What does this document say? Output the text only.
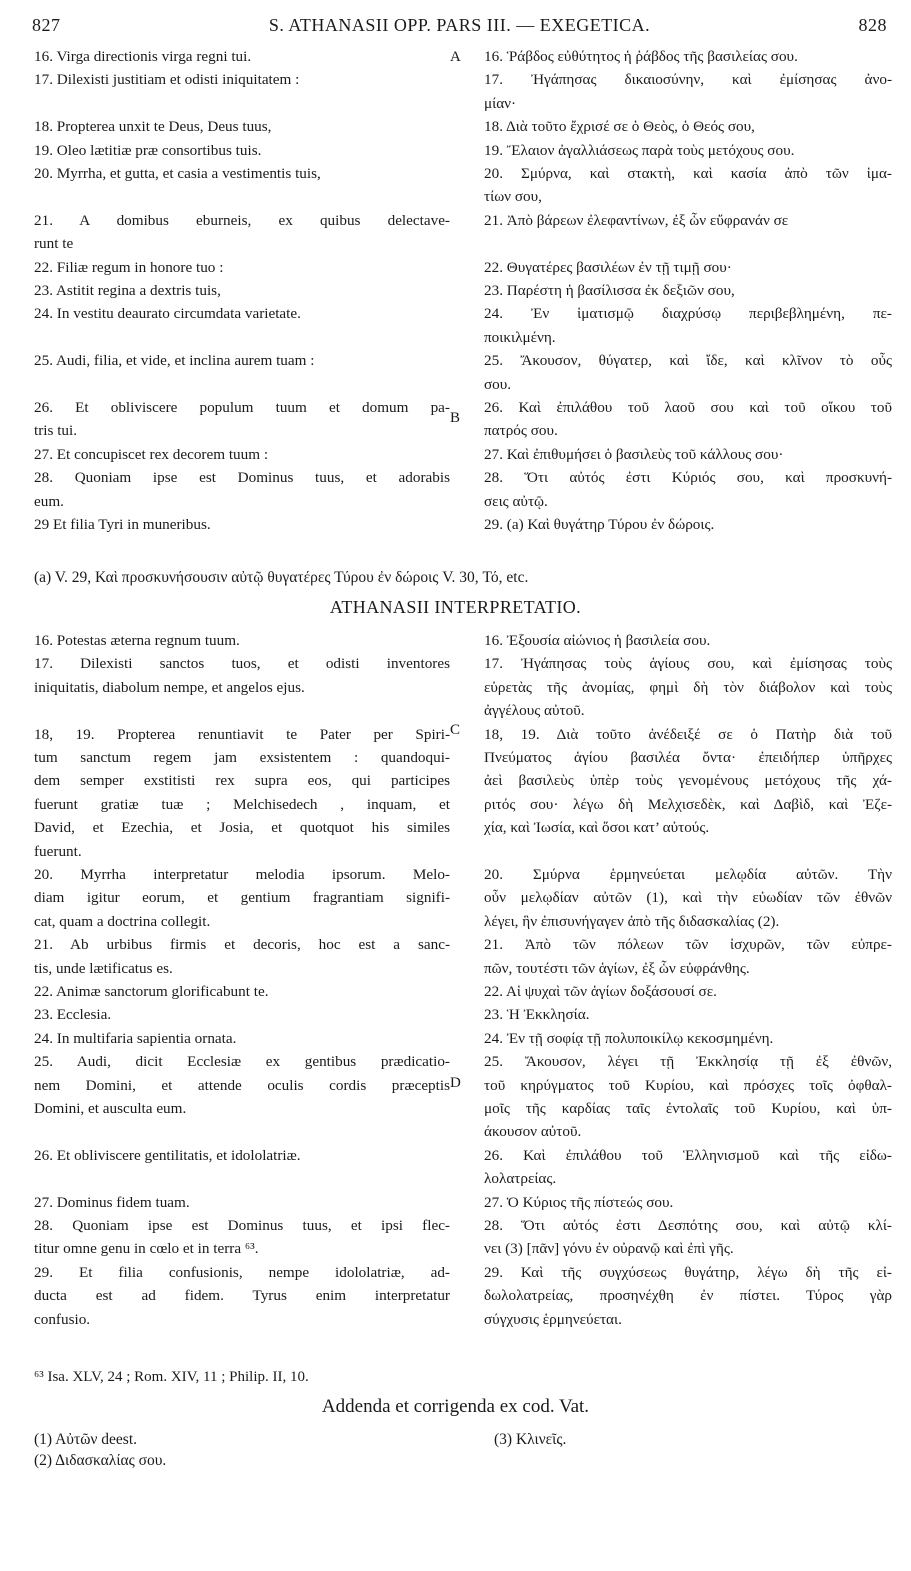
827	S. ATHANASII OPP. PARS III. — EXEGETICA.	828
A
B
C
D
16. Virga directionis virga regni tui.
17. Dilexisti justitiam et odisti iniquitatem :

18. Propterea unxit te Deus, Deus tuus,
19. Oleo lætitiæ præ consortibus tuis.
20. Myrrha, et gutta, et casia a vestimentis tuis,

21. A domibus eburneis, ex quibus delectave-
runt te
22. Filiæ regum in honore tuo :
23. Astitit regina a dextris tuis,
24. In vestitu deaurato circumdata varietate.

25. Audi, filia, et vide, et inclina aurem tuam :

26. Et obliviscere populum tuum et domum pa-
tris tui.
27. Et concupiscet rex decorem tuum :
28. Quoniam ipse est Dominus tuus, et adorabis
eum.
29 Et filia Tyri in muneribus.
16. Ῥάβδος εὐθύτητος ἡ ῥάβδος τῆς βασιλείας σου.
17. Ἠγάπησας δικαιοσύνην, καὶ ἐμίσησας ἀνο-
μίαν·
18. Διὰ τοῦτο ἔχρισέ σε ὁ Θεὸς, ὁ Θεός σου,
19. Ἔλαιον ἀγαλλιάσεως παρὰ τοὺς μετόχους σου.
20. Σμύρνα, καὶ στακτὴ, καὶ κασία ἀπὸ τῶν ἱμα-
τίων σου,
21. Ἀπὸ βάρεων ἐλεφαντίνων, ἐξ ὧν εὔφρανάν σε

22. Θυγατέρες βασιλέων ἐν τῇ τιμῇ σου·
23. Παρέστη ἡ βασίλισσα ἐκ δεξιῶν σου,
24. Ἐν ἱματισμῷ διαχρύσῳ περιβεβλημένη, πε-
ποικιλμένη.
25. Ἄκουσον, θύγατερ, καὶ ἴδε, καὶ κλῖνον τὸ οὖς
σου.
26. Καὶ ἐπιλάθου τοῦ λαοῦ σου καὶ τοῦ οἴκου τοῦ
πατρός σου.
27. Καὶ ἐπιθυμήσει ὁ βασιλεὺς τοῦ κάλλους σου·
28. Ὅτι αὐτός ἐστι Κύριός σου, καὶ προσκυνή-
σεις αὐτῷ.
29. (a) Καὶ θυγάτηρ Τύρου ἐν δώροις.
(a) V. 29, Καὶ προσκυνήσουσιν αὐτῷ θυγατέρες Τύρου ἐν δώροις V. 30, Τό, etc.
ATHANASII INTERPRETATIO.
16. Potestas æterna regnum tuum.
17. Dilexisti sanctos tuos, et odisti inventores
iniquitatis, diabolum nempe, et angelos ejus.

18, 19. Propterea renuntiavit te Pater per Spiri-
tum sanctum regem jam exsistentem : quandoqui-
dem semper exstitisti rex supra eos, qui participes
fuerunt gratiæ tuæ ; Melchisedech , inquam, et
David, et Ezechia, et Josia, et quotquot his similes
fuerunt.
20. Myrrha interpretatur melodia ipsorum. Melo-
diam igitur eorum, et gentium fragrantiam signifi-
cat, quam a doctrina collegit.
21. Ab urbibus firmis et decoris, hoc est a sanc-
tis, unde lætificatus es.
22. Animæ sanctorum glorificabunt te.
23. Ecclesia.
24. In multifaria sapientia ornata.
25. Audi, dicit Ecclesiæ ex gentibus prædicatio-
nem Domini, et attende oculis cordis præceptis
Domini, et ausculta eum.

26. Et obliviscere gentilitatis, et idololatriæ.

27. Dominus fidem tuam.
28. Quoniam ipse est Dominus tuus, et ipsi flec-
titur omne genu in cœlo et in terra ⁶³.
29. Et filia confusionis, nempe idololatriæ, ad-
ducta est ad fidem. Tyrus enim interpretatur
confusio.
16. Ἐξουσία αἰώνιος ἡ βασιλεία σου.
17. Ἠγάπησας τοὺς ἁγίους σου, καὶ ἐμίσησας τοὺς
εὑρετὰς τῆς ἀνομίας, φημὶ δὴ τὸν διάβολον καὶ τοὺς
ἀγγέλους αὐτοῦ.
18, 19. Διὰ τοῦτο ἀνέδειξέ σε ὁ Πατὴρ διὰ τοῦ
Πνεύματος ἁγίου βασιλέα ὄντα· ἐπειδήπερ ὑπῆρχες
ἀεὶ βασιλεὺς ὑπὲρ τοὺς γενομένους μετόχους τῆς χά-
ριτός σου· λέγω δὴ Μελχισεδὲκ, καὶ Δαβὶδ, καὶ Ἐζε-
χία, καὶ Ἰωσία, καὶ ὅσοι κατ’ αὐτούς.

20. Σμύρνα ἑρμηνεύεται μελῳδία αὐτῶν. Τὴν
οὖν μελῳδίαν αὐτῶν (1), καὶ τὴν εὐωδίαν τῶν ἐθνῶν
λέγει, ἣν ἐπισυνήγαγεν ἀπὸ τῆς διδασκαλίας (2).
21. Ἀπὸ τῶν πόλεων τῶν ἰσχυρῶν, τῶν εὐπρε-
πῶν, τουτέστι τῶν ἁγίων, ἐξ ὧν εὐφράνθης.
22. Αἱ ψυχαὶ τῶν ἁγίων δοξάσουσί σε.
23. Ἡ Ἐκκλησία.
24. Ἐν τῇ σοφίᾳ τῇ πολυποικίλῳ κεκοσμημένη.
25. Ἄκουσον, λέγει τῇ Ἐκκλησίᾳ τῇ ἐξ ἐθνῶν,
τοῦ κηρύγματος τοῦ Κυρίου, καὶ πρόσχες τοῖς ὀφθαλ-
μοῖς τῆς καρδίας ταῖς ἐντολαῖς τοῦ Κυρίου, καὶ ὑπ-
άκουσον αὐτοῦ.
26. Καὶ ἐπιλάθου τοῦ Ἑλληνισμοῦ καὶ τῆς εἰδω-
λολατρείας.
27. Ὁ Κύριος τῆς πίστεώς σου.
28. Ὅτι αὐτός ἐστι Δεσπότης σου, καὶ αὐτῷ κλί-
νει (3) [πᾶν] γόνυ ἐν οὐρανῷ καὶ ἐπὶ γῆς.
29. Καὶ τῆς συγχύσεως θυγάτηρ, λέγω δὴ τῆς εἰ-
δωλολατρείας, προσηνέχθη ἐν πίστει. Τύρος γὰρ
σύγχυσις ἑρμηνεύεται.
⁶³ Isa. XLV, 24 ; Rom. XIV, 11 ; Philip. II, 10.
Addenda et corrigenda ex cod. Vat.
(1) Αὐτῶν deest.	(3) Κλινεῖς.
(2) Διδασκαλίας σου.
